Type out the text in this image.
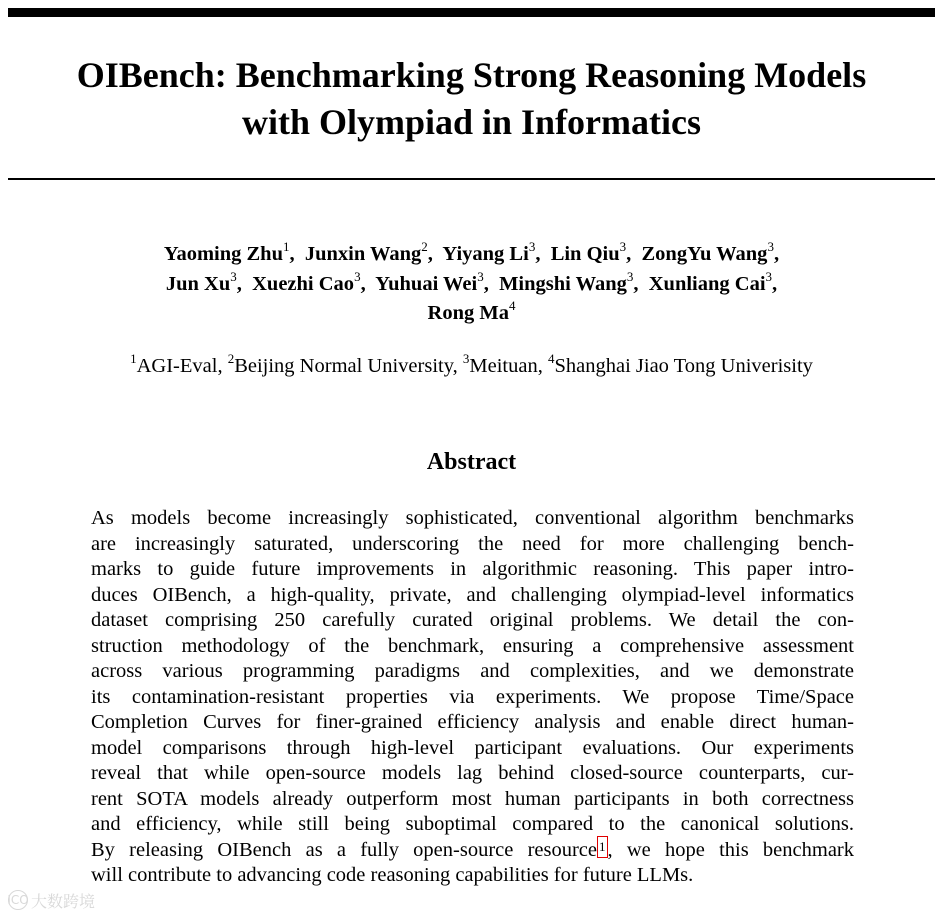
OIBench: Benchmarking Strong Reasoning Models
with Olympiad in Informatics
Yaoming Zhu$^1$,  Junxin Wang$^2$,  Yiyang Li$^3$,  Lin Qiu$^3$,  ZongYu Wang$^3$,
Jun Xu$^3$,  Xuezhi Cao$^3$,  Yuhuai Wei$^3$,  Mingshi Wang$^3$,  Xunliang Cai$^3$,
Rong Ma$^4$
$^1$AGI-Eval, $^2$Beijing Normal University, $^3$Meituan, $^4$Shanghai Jiao Tong Univerisity
Abstract
As models become increasingly sophisticated, conventional algorithm benchmarks
are increasingly saturated, underscoring the need for more challenging bench-
marks to guide future improvements in algorithmic reasoning. This paper intro-
duces OIBench, a high-quality, private, and challenging olympiad-level informatics
dataset comprising 250 carefully curated original problems. We detail the con-
struction methodology of the benchmark, ensuring a comprehensive assessment
across various programming paradigms and complexities, and we demonstrate
its contamination-resistant properties via experiments. We propose Time/Space
Completion Curves for finer-grained efficiency analysis and enable direct human-
model comparisons through high-level participant evaluations. Our experiments
reveal that while open-source models lag behind closed-source counterparts, cur-
rent SOTA models already outperform most human participants in both correctness
and efficiency, while still being suboptimal compared to the canonical solutions.
By releasing OIBench as a fully open-source resource 1, we hope this benchmark
will contribute to advancing code reasoning capabilities for future LLMs.
ICO 大数跨境
